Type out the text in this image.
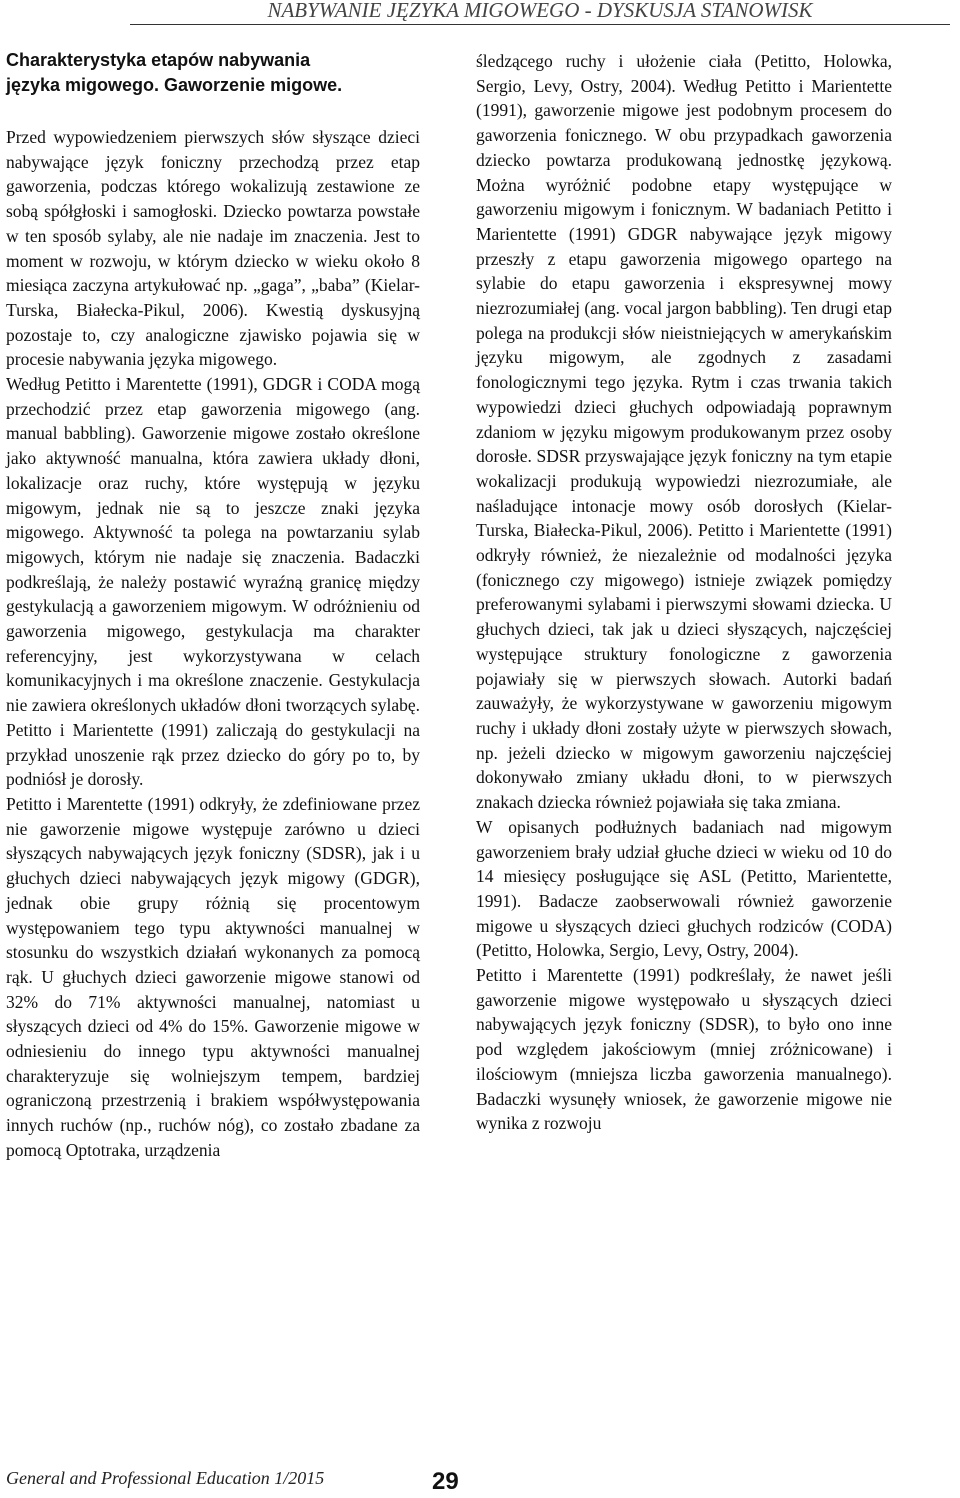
NABYWANIE JĘZYKA MIGOWEGO - DYSKUSJA STANOWISK
Charakterystyka etapów nabywania
języka migowego. Gaworzenie migowe.

Przed wypowiedzeniem pierwszych słów słyszące dzieci nabywające język foniczny przechodzą przez etap gaworzenia, podczas którego wokalizują zestawione ze sobą spółgłoski i samogłoski. Dziecko powtarza powstałe w ten sposób sylaby, ale nie nadaje im znaczenia. Jest to moment w rozwoju, w którym dziecko w wieku około 8 miesiąca zaczyna artykułować np. „gaga”, „baba” (Kielar-Turska, Białecka-Pikul, 2006). Kwestią dyskusyjną pozostaje to, czy analogiczne zjawisko pojawia się w procesie nabywania języka migowego.

Według Petitto i Marentette (1991), GDGR i CODA mogą przechodzić przez etap gaworzenia migowego (ang. manual babbling). Gaworzenie migowe zostało określone jako aktywność manualna, która zawiera układy dłoni, lokalizacje oraz ruchy, które występują w języku migowym, jednak nie są to jeszcze znaki języka migowego. Aktywność ta polega na powtarzaniu sylab migowych, którym nie nadaje się znaczenia. Badaczki podkreślają, że należy postawić wyraźną granicę między gestykulacją a gaworzeniem migowym. W odróżnieniu od gaworzenia migowego, gestykulacja ma charakter referencyjny, jest wykorzystywana w celach komunikacyjnych i ma określone znaczenie. Gestykulacja nie zawiera określonych układów dłoni tworzących sylabę. Petitto i Marientette (1991) zaliczają do gestykulacji na przykład unoszenie rąk przez dziecko do góry po to, by podniósł je dorosły.

Petitto i Marentette (1991) odkryły, że zdefiniowane przez nie gaworzenie migowe występuje zarówno u dzieci słyszących nabywających język foniczny (SDSR), jak i u głuchych dzieci nabywających język migowy (GDGR), jednak obie grupy różnią się procentowym występowaniem tego typu aktywności manualnej w stosunku do wszystkich działań wykonanych za pomocą rąk. U głuchych dzieci gaworzenie migowe stanowi od 32% do 71% aktywności manualnej, natomiast u słyszących dzieci od 4% do 15%. Gaworzenie migowe w odniesieniu do innego typu aktywności manualnej charakteryzuje się wolniejszym tempem, bardziej ograniczoną przestrzenią i brakiem współwystępowania innych ruchów (np., ruchów nóg), co zostało zbadane za pomocą Optotraka, urządzenia

śledzącego ruchy i ułożenie ciała (Petitto, Holowka, Sergio, Levy, Ostry, 2004). Według Petitto i Marientette (1991), gaworzenie migowe jest podobnym procesem do gaworzenia fonicznego. W obu przypadkach gaworzenia dziecko powtarza produkowaną jednostkę językową. Można wyróżnić podobne etapy występujące w gaworzeniu migowym i fonicznym. W badaniach Petitto i Marientette (1991) GDGR nabywające język migowy przeszły z etapu gaworzenia migowego opartego na sylabie do etapu gaworzenia i ekspresywnej mowy niezrozumiałej (ang. vocal jargon babbling). Ten drugi etap polega na produkcji słów nieistniejących w amerykańskim języku migowym, ale zgodnych z zasadami fonologicznymi tego języka. Rytm i czas trwania takich wypowiedzi dzieci głuchych odpowiadają poprawnym zdaniom w języku migowym produkowanym przez osoby dorosłe. SDSR przyswajające język foniczny na tym etapie wokalizacji produkują wypowiedzi niezrozumiałe, ale naśladujące intonacje mowy osób dorosłych (Kielar-Turska, Białecka-Pikul, 2006). Petitto i Marientette (1991) odkryły również, że niezależnie od modalności języka (fonicznego czy migowego) istnieje związek pomiędzy preferowanymi sylabami i pierwszymi słowami dziecka. U głuchych dzieci, tak jak u dzieci słyszących, najczęściej występujące struktury fonologiczne z gaworzenia pojawiały się w pierwszych słowach. Autorki badań zauważyły, że wykorzystywane w gaworzeniu migowym ruchy i układy dłoni zostały użyte w pierwszych słowach, np. jeżeli dziecko w migowym gaworzeniu najczęściej dokonywało zmiany układu dłoni, to w pierwszych znakach dziecka również pojawiała się taka zmiana.

W opisanych podłużnych badaniach nad migowym gaworzeniem brały udział głuche dzieci w wieku od 10 do 14 miesięcy posługujące się ASL (Petitto, Marientette, 1991). Badacze zaobserwowali również gaworzenie migowe u słyszących dzieci głuchych rodziców (CODA) (Petitto, Holowka, Sergio, Levy, Ostry, 2004).

Petitto i Marentette (1991) podkreślały, że nawet jeśli gaworzenie migowe występowało u słyszących dzieci nabywających język foniczny (SDSR), to było ono inne pod względem jakościowym (mniej zróżnicowane) i ilościowym (mniejsza liczba gaworzenia manualnego). Badaczki wysunęły wniosek, że gaworzenie migowe nie wynika z rozwoju

General and Professional Education 1/2015	29
